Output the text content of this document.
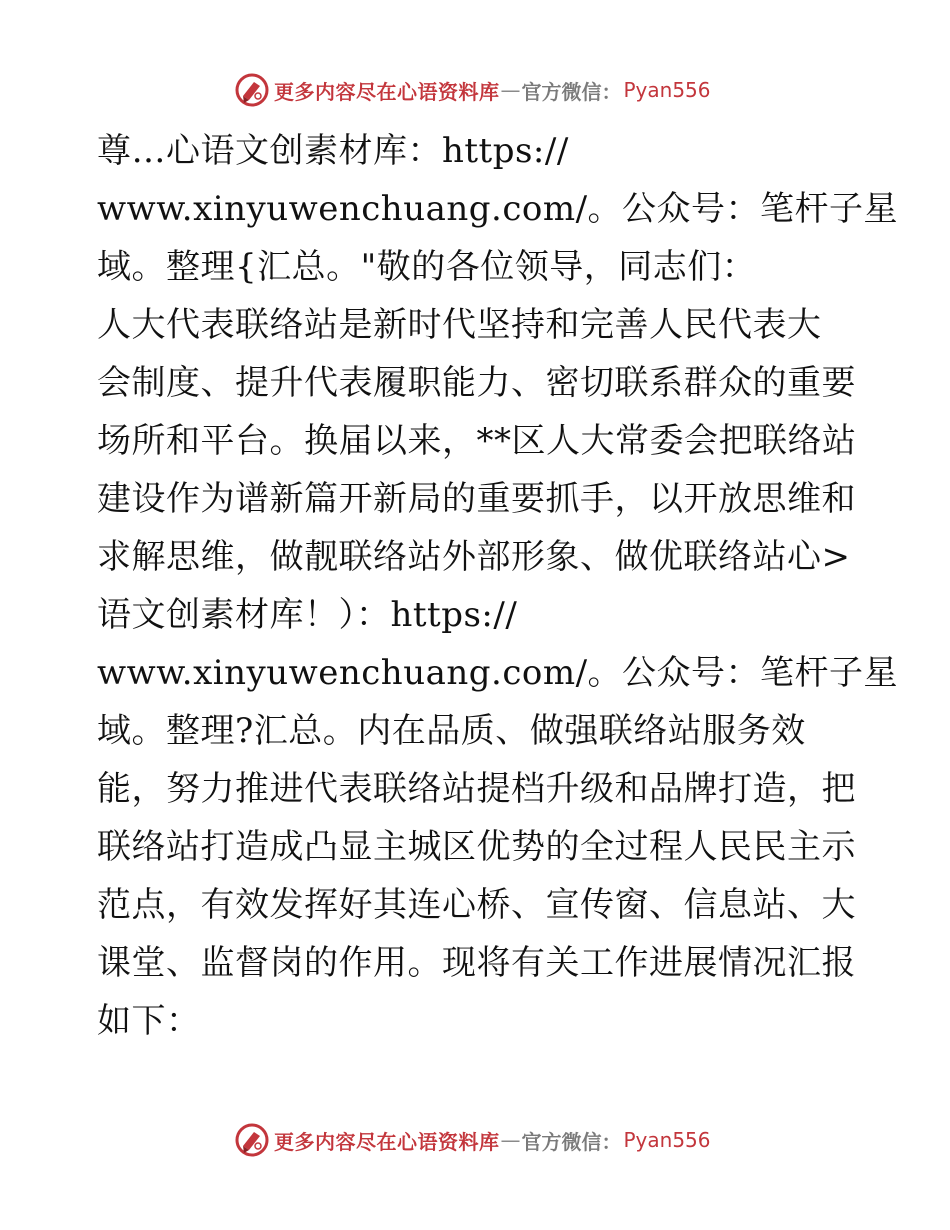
更多内容尽在心语资料库 — 官方微信： Pyan556
尊…心语文创素材库：https://
www.xinyuwenchuang.com/。公众号：笔杆子星
域。整理{汇总。"敬的各位领导，同志们：
人大代表联络站是新时代坚持和完善人民代表大
会制度、提升代表履职能力、密切联系群众的重要
场所和平台。换届以来，**区人大常委会把联络站
建设作为谱新篇开新局的重要抓手，以开放思维和
求解思维，做靓联络站外部形象、做优联络站心>
语文创素材库！）：https://
www.xinyuwenchuang.com/。公众号：笔杆子星
域。整理?汇总。内在品质、做强联络站服务效
能，努力推进代表联络站提档升级和品牌打造，把
联络站打造成凸显主城区优势的全过程人民民主示
范点，有效发挥好其连心桥、宣传窗、信息站、大
课堂、监督岗的作用。现将有关工作进展情况汇报
如下：
更多内容尽在心语资料库 — 官方微信： Pyan556
